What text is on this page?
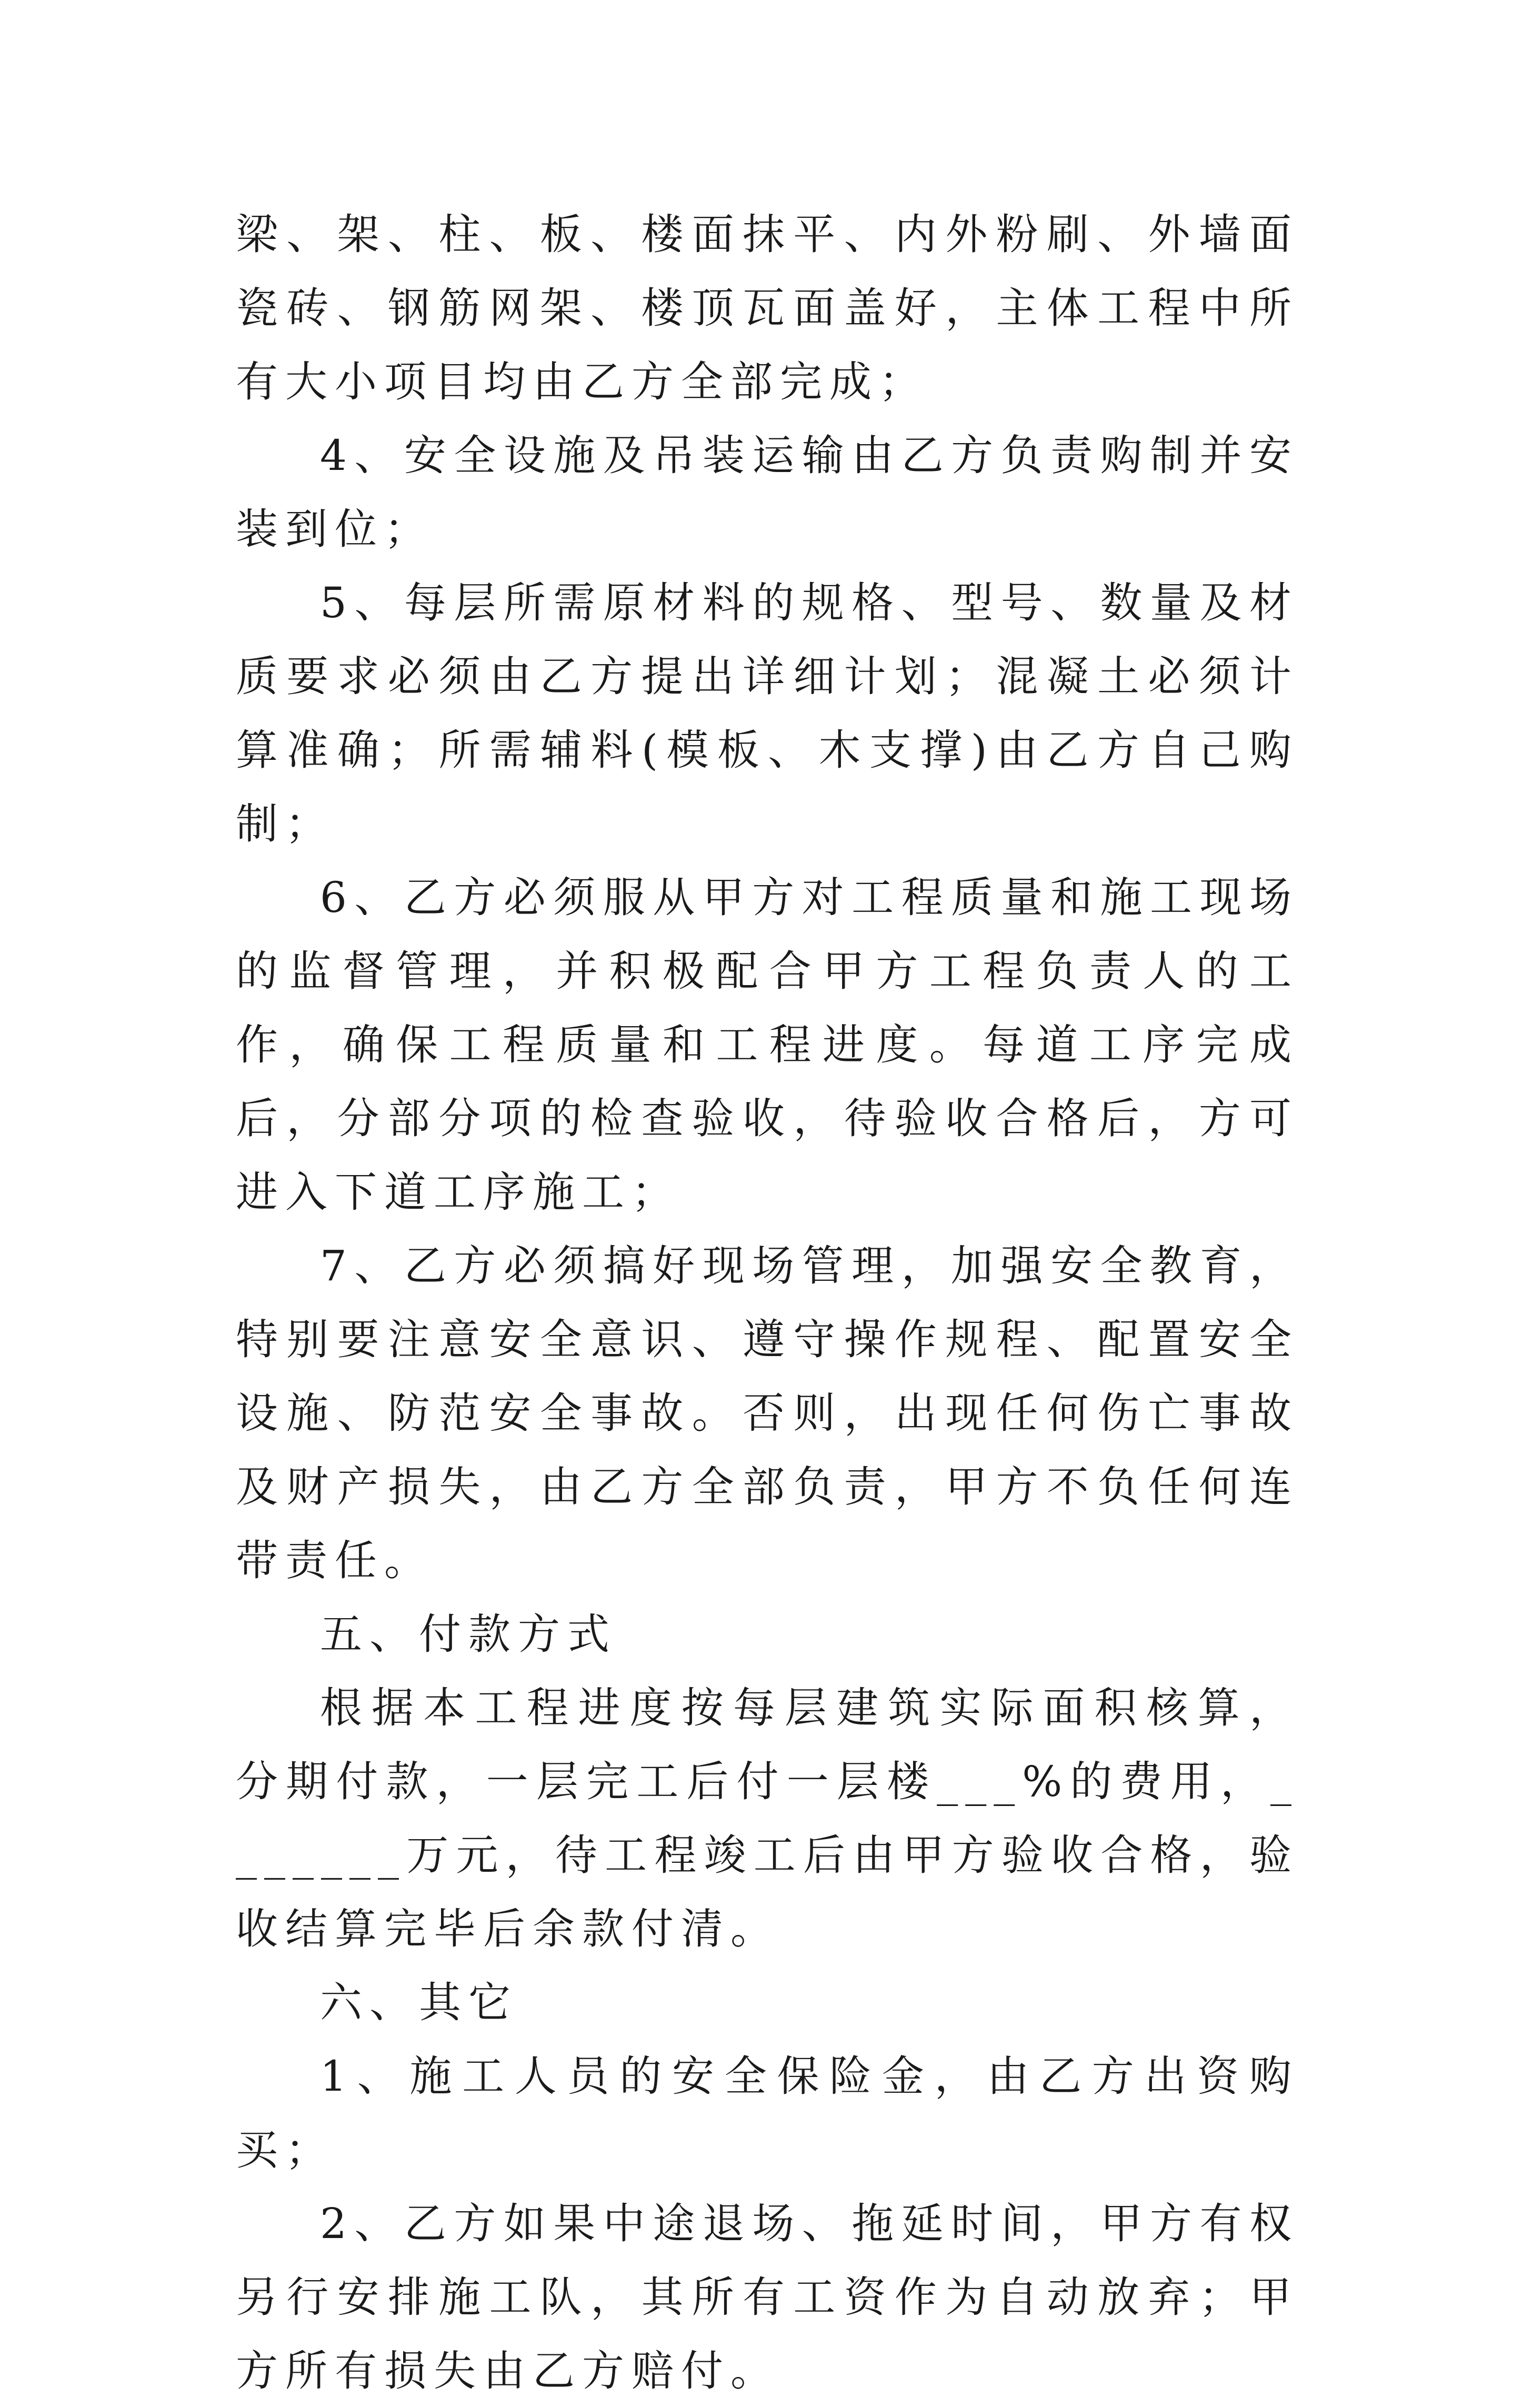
梁、架、柱、板、楼面抹平、内外粉刷、外墙面瓷砖、钢筋网架、楼顶瓦面盖好，主体工程中所有大小项目均由乙方全部完成；

4、安全设施及吊装运输由乙方负责购制并安装到位；

5、每层所需原材料的规格、型号、数量及材质要求必须由乙方提出详细计划；混凝土必须计算准确；所需辅料(模板、木支撑)由乙方自己购制；

6、乙方必须服从甲方对工程质量和施工现场的监督管理，并积极配合甲方工程负责人的工作，确保工程质量和工程进度。每道工序完成后，分部分项的检查验收，待验收合格后，方可进入下道工序施工；

7、乙方必须搞好现场管理，加强安全教育，特别要注意安全意识、遵守操作规程、配置安全设施、防范安全事故。否则，出现任何伤亡事故及财产损失，由乙方全部负责，甲方不负任何连带责任。

五、付款方式

根据本工程进度按每层建筑实际面积核算，分期付款，一层完工后付一层楼___%的费用，_______万元，待工程竣工后由甲方验收合格，验收结算完毕后余款付清。

六、其它

1、施工人员的安全保险金，由乙方出资购买；

2、乙方如果中途退场、拖延时间，甲方有权另行安排施工队，其所有工资作为自动放弃；甲方所有损失由乙方赔付。
